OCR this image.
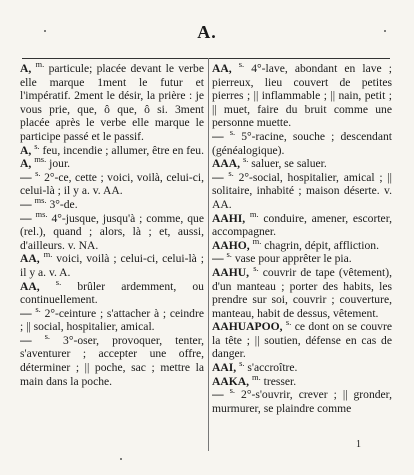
A.

A, $^{m.}$ particule; placée devant le verbe elle marque 1ment le futur et l'impératif. 2ment le désir, la prière : je vous prie, que, ô que, ô si. 3ment placée après le verbe elle marque le participe passé et le passif.

A, $^{s.}$ feu, incendie ; allumer, être en feu.

A, $^{ms.}$ jour.

— $^{s.}$ 2°-ce, cette ; voici, voilà, celui-ci, celui-là ; il y a. v. AA.

— $^{ms.}$ 3°-de.

— $^{ms.}$ 4°-jusque, jusqu'à ; comme, que (rel.), quand ; alors, là ; et, aussi, d'ailleurs. v. NA.

AA, $^{m.}$ voici, voilà ; celui-ci, celui-là ; il y a. v. A.

AA, $^{s.}$ brûler ardemment, ou continuellement.

— $^{s.}$ 2°-ceinture ; s'attacher à ; ceindre ; || social, hospitalier, amical.

— $^{s.}$ 3°-oser, provoquer, tenter, s'aventurer ; accepter une offre, déterminer ; || poche, sac ; mettre la main dans la poche.

AA, $^{s.}$ 4°-lave, abondant en lave ; pierreux, lieu couvert de petites pierres ; || inflammable ; || nain, petit ; || muet, faire du bruit comme une personne muette.

— $^{s.}$ 5°-racine, souche ; descendant (généalogique).

AAA, $^{s.}$ saluer, se saluer.

— $^{s.}$ 2°-social, hospitalier, amical ; || solitaire, inhabité ; maison déserte. v. AA.

AAHI, $^{m.}$ conduire, amener, escorter, accompagner.

AAHO, $^{m.}$ chagrin, dépit, affliction.

— $^{s.}$ vase pour apprêter le pia.

AAHU, $^{s.}$ couvrir de tape (vêtement), d'un manteau ; porter des habits, les prendre sur soi, couvrir ; couverture, manteau, habit de dessus, vêtement.

AAHUAPOO, $^{s.}$ ce dont on se couvre la tête ; || soutien, défense en cas de danger.

AAI, $^{s.}$ s'accroître.

AAKA, $^{m.}$ tresser.

— $^{s.}$ 2°-s'ouvrir, crever ; || gronder, murmurer, se plaindre comme

1
